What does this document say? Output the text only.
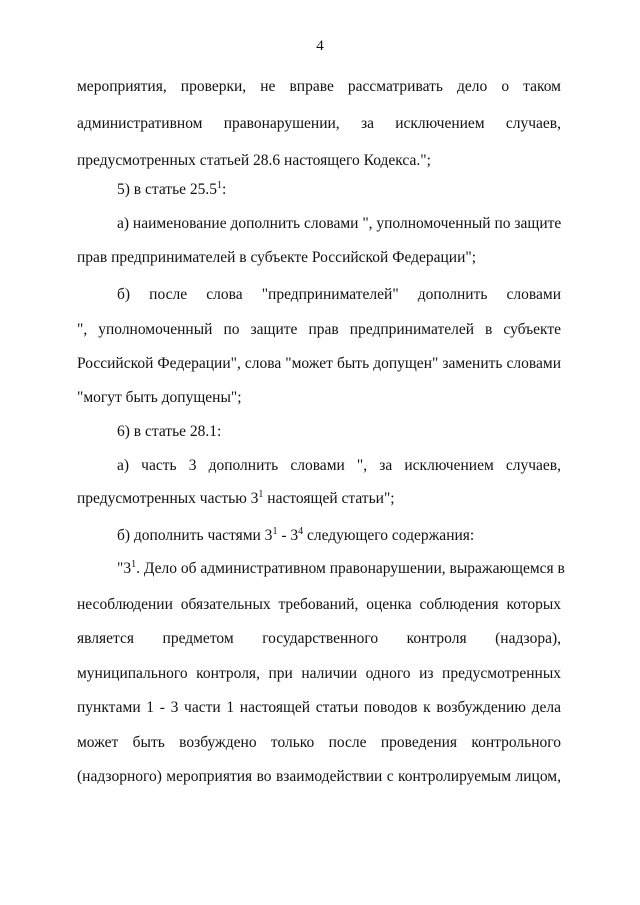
4
мероприятия, проверки, не вправе рассматривать дело о таком
административном правонарушении, за исключением случаев,
предусмотренных статьей 28.6 настоящего Кодекса.";
5) в статье 25.5$^1$:
а) наименование дополнить словами ", уполномоченный по защите
прав предпринимателей в субъекте Российской Федерации";
б) после слова "предпринимателей" дополнить словами
", уполномоченный по защите прав предпринимателей в субъекте
Российской Федерации", слова "может быть допущен" заменить словами
"могут быть допущены";
6) в статье 28.1:
а) часть 3 дополнить словами ", за исключением случаев,
предусмотренных частью $3^1$ настоящей статьи";
б) дополнить частями $3^1 - 3^4$ следующего содержания:
"$3^1$. Дело об административном правонарушении, выражающемся в
несоблюдении обязательных требований, оценка соблюдения которых
является предметом государственного контроля (надзора),
муниципального контроля, при наличии одного из предусмотренных
пунктами 1 - 3 части 1 настоящей статьи поводов к возбуждению дела
может быть возбуждено только после проведения контрольного
(надзорного) мероприятия во взаимодействии с контролируемым лицом,
